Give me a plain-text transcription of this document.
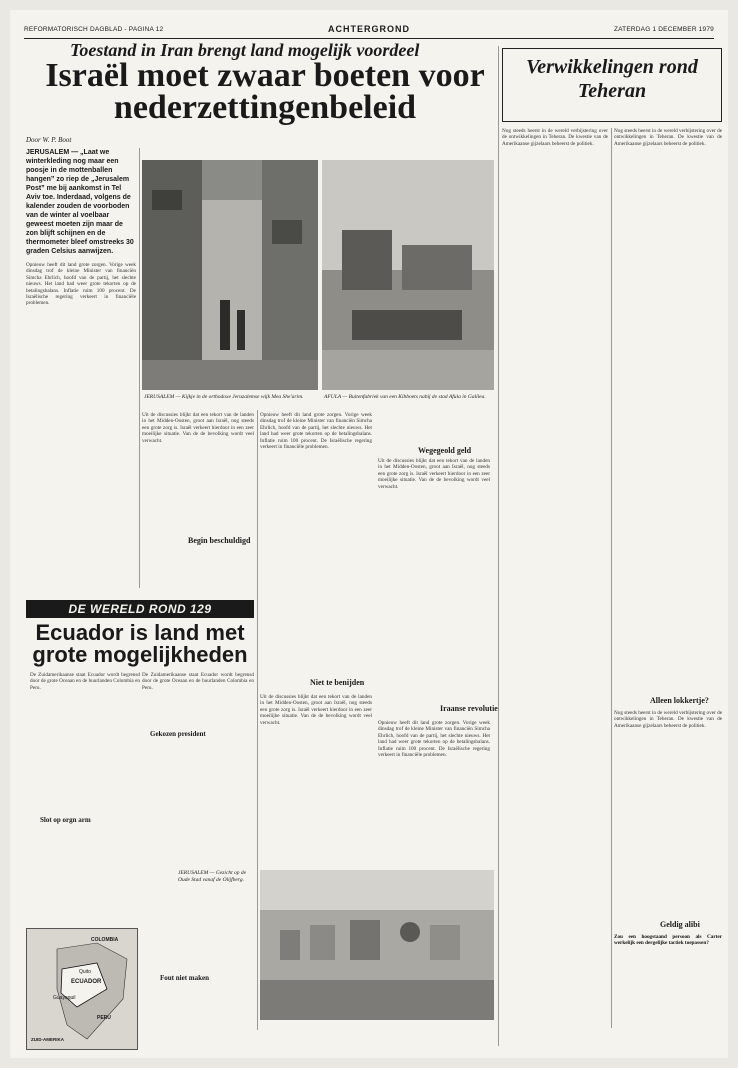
REFORMATORISCH DAGBLAD - PAGINA 12	ACHTERGROND	ZATERDAG 1 DECEMBER 1979
Toestand in Iran brengt land mogelijk voordeel
Israël moet zwaar boeten voor nederzettingenbeleid
Door W. P. Boot
JERUSALEM — „Laat we winterkleding nog maar een poosje in de mottenballen hangen” zo riep de „Jerusalem Post” me bij aankomst in Tel Aviv toe. Inderdaad, volgens de kalender zouden de voorboden van de winter al voelbaar geweest moeten zijn maar de zon blijft schijnen en de thermometer bleef omstreeks 30 graden Celsius aanwijzen.
Opnieuw heeft dit land grote zorgen. Vorige week dinsdag trof de kleine Minister van financiën Simcha Ehrlich, hoofd van de partij, het slechte nieuws. Het land had weer grote tekorten op de betalingsbalans. Inflatie ruim 100 procent. De Israëlische regering verkeert in financiële problemen.
JERUSALEM — Kijkje in de orthodoxe Jeruzalemse wijk Mea She'arim.	AFULA — Buitenfabriek van een Kibboets nabij de stad Afula in Galilea.
Uit de discussies blijkt dat een tekort van de landen in het Midden-Oosten, groot aan Israël, nog steeds een grote zorg is. Israël verkeert hierdoor in een zeer moeilijke situatie. Van de de bevolking wordt veel verwacht.
Begin beschuldigd
Wegegeold geld
Niet te benijden
Iraanse revolutie
Opnieuw heeft dit land grote zorgen. Vorige week dinsdag trof de kleine Minister van financiën Simcha Ehrlich, hoofd van de partij, het slechte nieuws. Het land had weer grote tekorten op de betalingsbalans. Inflatie ruim 100 procent. De Israëlische regering verkeert in financiële problemen.
Uit de discussies blijkt dat een tekort van de landen in het Midden-Oosten, groot aan Israël, nog steeds een grote zorg is. Israël verkeert hierdoor in een zeer moeilijke situatie. Van de de bevolking wordt veel verwacht.
Uit de discussies blijkt dat een tekort van de landen in het Midden-Oosten, groot aan Israël, nog steeds een grote zorg is. Israël verkeert hierdoor in een zeer moeilijke situatie. Van de de bevolking wordt veel verwacht.	Opnieuw heeft dit land grote zorgen. Vorige week dinsdag trof de kleine Minister van financiën Simcha Ehrlich, hoofd van de partij, het slechte nieuws. Het land had weer grote tekorten op de betalingsbalans. Inflatie ruim 100 procent. De Israëlische regering verkeert in financiële problemen.
JERUSALEM — Gezicht op de Oude Stad vanaf de Olijfberg.
DE WERELD ROND 129
Ecuador is land met grote mogelijkheden
De Zuidamerikaanse staat Ecuador wordt begrensd door de grote Oceaan en de buurlanden Colombia en Peru.
De Zuidamerikaanse staat Ecuador wordt begrensd door de grote Oceaan en de buurlanden Colombia en Peru.
Slot op orgn arm
Gekozen president
Fout niet maken
COLOMBIA
ECUADOR
PERU
Quito
Guayaquil
ZUID-AMERIKA
Verwikkelingen rond Teheran
Nog steeds heerst in de wereld verbijstering over de ontwikkelingen in Teheran. De kwestie van de Amerikaanse gijzelaars beheerst de politiek.
Nog steeds heerst in de wereld verbijstering over de ontwikkelingen in Teheran. De kwestie van de Amerikaanse gijzelaars beheerst de politiek.
Alleen lokkertje?
Nog steeds heerst in de wereld verbijstering over de ontwikkelingen in Teheran. De kwestie van de Amerikaanse gijzelaars beheerst de politiek.
Geldig alibi
Zou een hoogstaand persoon als Carter werkelijk een dergelijke tactiek toepassen?
